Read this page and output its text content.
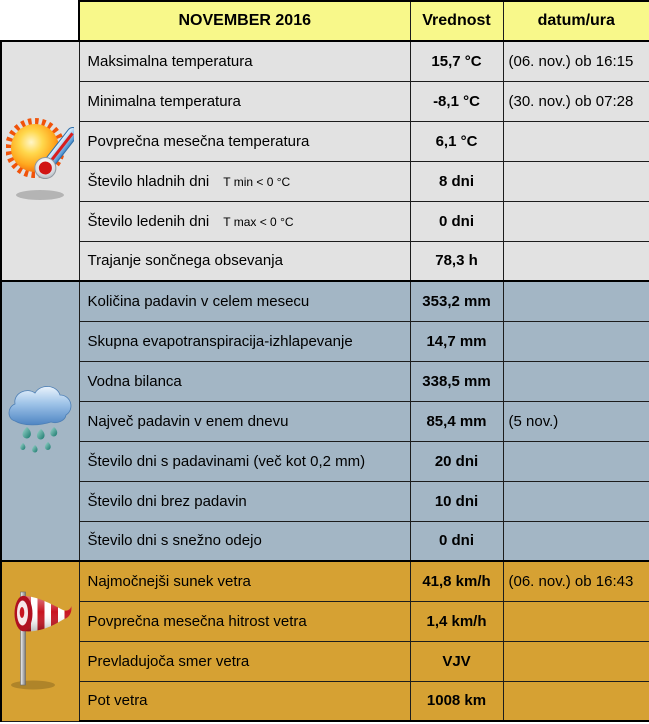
	NOVEMBER 2016	Vrednost	datum/ura
	Maksimalna temperatura	15,7 °C	(06. nov.) ob 16:15
	Minimalna temperatura	-8,1 °C	(30. nov.) ob 07:28
	Povprečna mesečna temperatura	6,1 °C	
	Število hladnih dni T min < 0 °C	8 dni	
	Število ledenih dni T max < 0 °C	0 dni	
	Trajanje sončnega obsevanja	78,3 h	
	Količina padavin v celem mesecu	353,2 mm	
	Skupna evapotranspiracija-izhlapevanje	14,7 mm	
	Vodna bilanca	338,5 mm	
	Največ padavin v enem dnevu	85,4 mm	(5 nov.)
	Število dni s padavinami (več kot 0,2 mm)	20 dni	
	Število dni brez padavin	10 dni	
	Število dni s snežno odejo	0 dni	
	Najmočnejši sunek vetra	41,8 km/h	(06. nov.) ob 16:43
	Povprečna mesečna hitrost vetra	1,4 km/h	
	Prevladujoča smer vetra	VJV	
	Pot vetra	1008 km	
